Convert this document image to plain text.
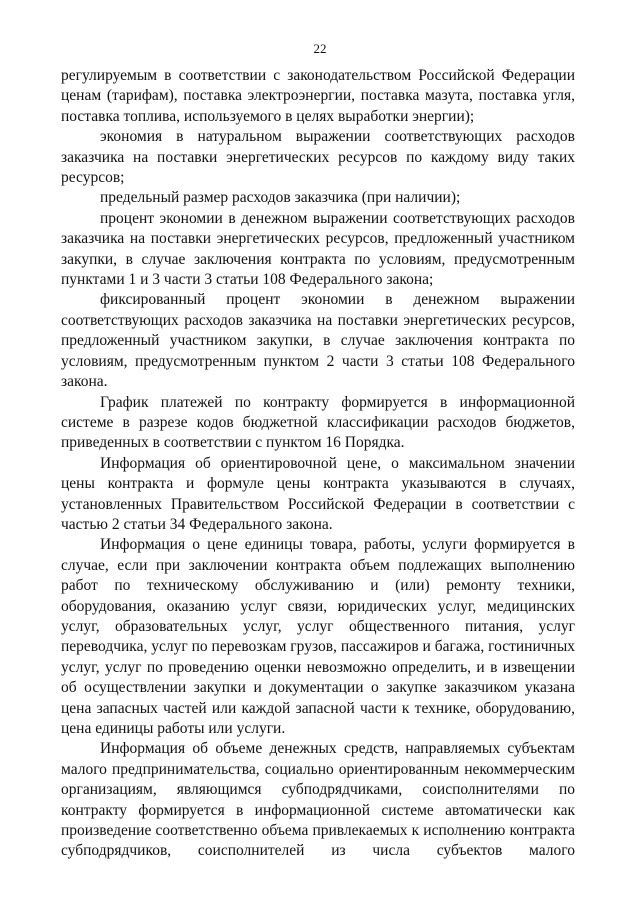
22

регулируемым в соответствии с законодательством Российской Федерации ценам (тарифам), поставка электроэнергии, поставка мазута, поставка угля, поставка топлива, используемого в целях выработки энергии);

экономия в натуральном выражении соответствующих расходов заказчика на поставки энергетических ресурсов по каждому виду таких ресурсов;

предельный размер расходов заказчика (при наличии);

процент экономии в денежном выражении соответствующих расходов заказчика на поставки энергетических ресурсов, предложенный участником закупки, в случае заключения контракта по условиям, предусмотренным пунктами 1 и 3 части 3 статьи 108 Федерального закона;

фиксированный процент экономии в денежном выражении соответствующих расходов заказчика на поставки энергетических ресурсов, предложенный участником закупки, в случае заключения контракта по условиям, предусмотренным пунктом 2 части 3 статьи 108 Федерального закона.

График платежей по контракту формируется в информационной системе в разрезе кодов бюджетной классификации расходов бюджетов, приведенных в соответствии с пунктом 16 Порядка.

Информация об ориентировочной цене, о максимальном значении цены контракта и формуле цены контракта указываются в случаях, установленных Правительством Российской Федерации в соответствии с частью 2 статьи 34 Федерального закона.

Информация о цене единицы товара, работы, услуги формируется в случае, если при заключении контракта объем подлежащих выполнению работ по техническому обслуживанию и (или) ремонту техники, оборудования, оказанию услуг связи, юридических услуг, медицинских услуг, образовательных услуг, услуг общественного питания, услуг переводчика, услуг по перевозкам грузов, пассажиров и багажа, гостиничных услуг, услуг по проведению оценки невозможно определить, и в извещении об осуществлении закупки и документации о закупке заказчиком указана цена запасных частей или каждой запасной части к технике, оборудованию, цена единицы работы или услуги.

Информация об объеме денежных средств, направляемых субъектам малого предпринимательства, социально ориентированным некоммерческим организациям, являющимся субподрядчиками, соисполнителями по контракту формируется в информационной системе автоматически как произведение соответственно объема привлекаемых к исполнению контракта субподрядчиков, соисполнителей из числа субъектов малого
